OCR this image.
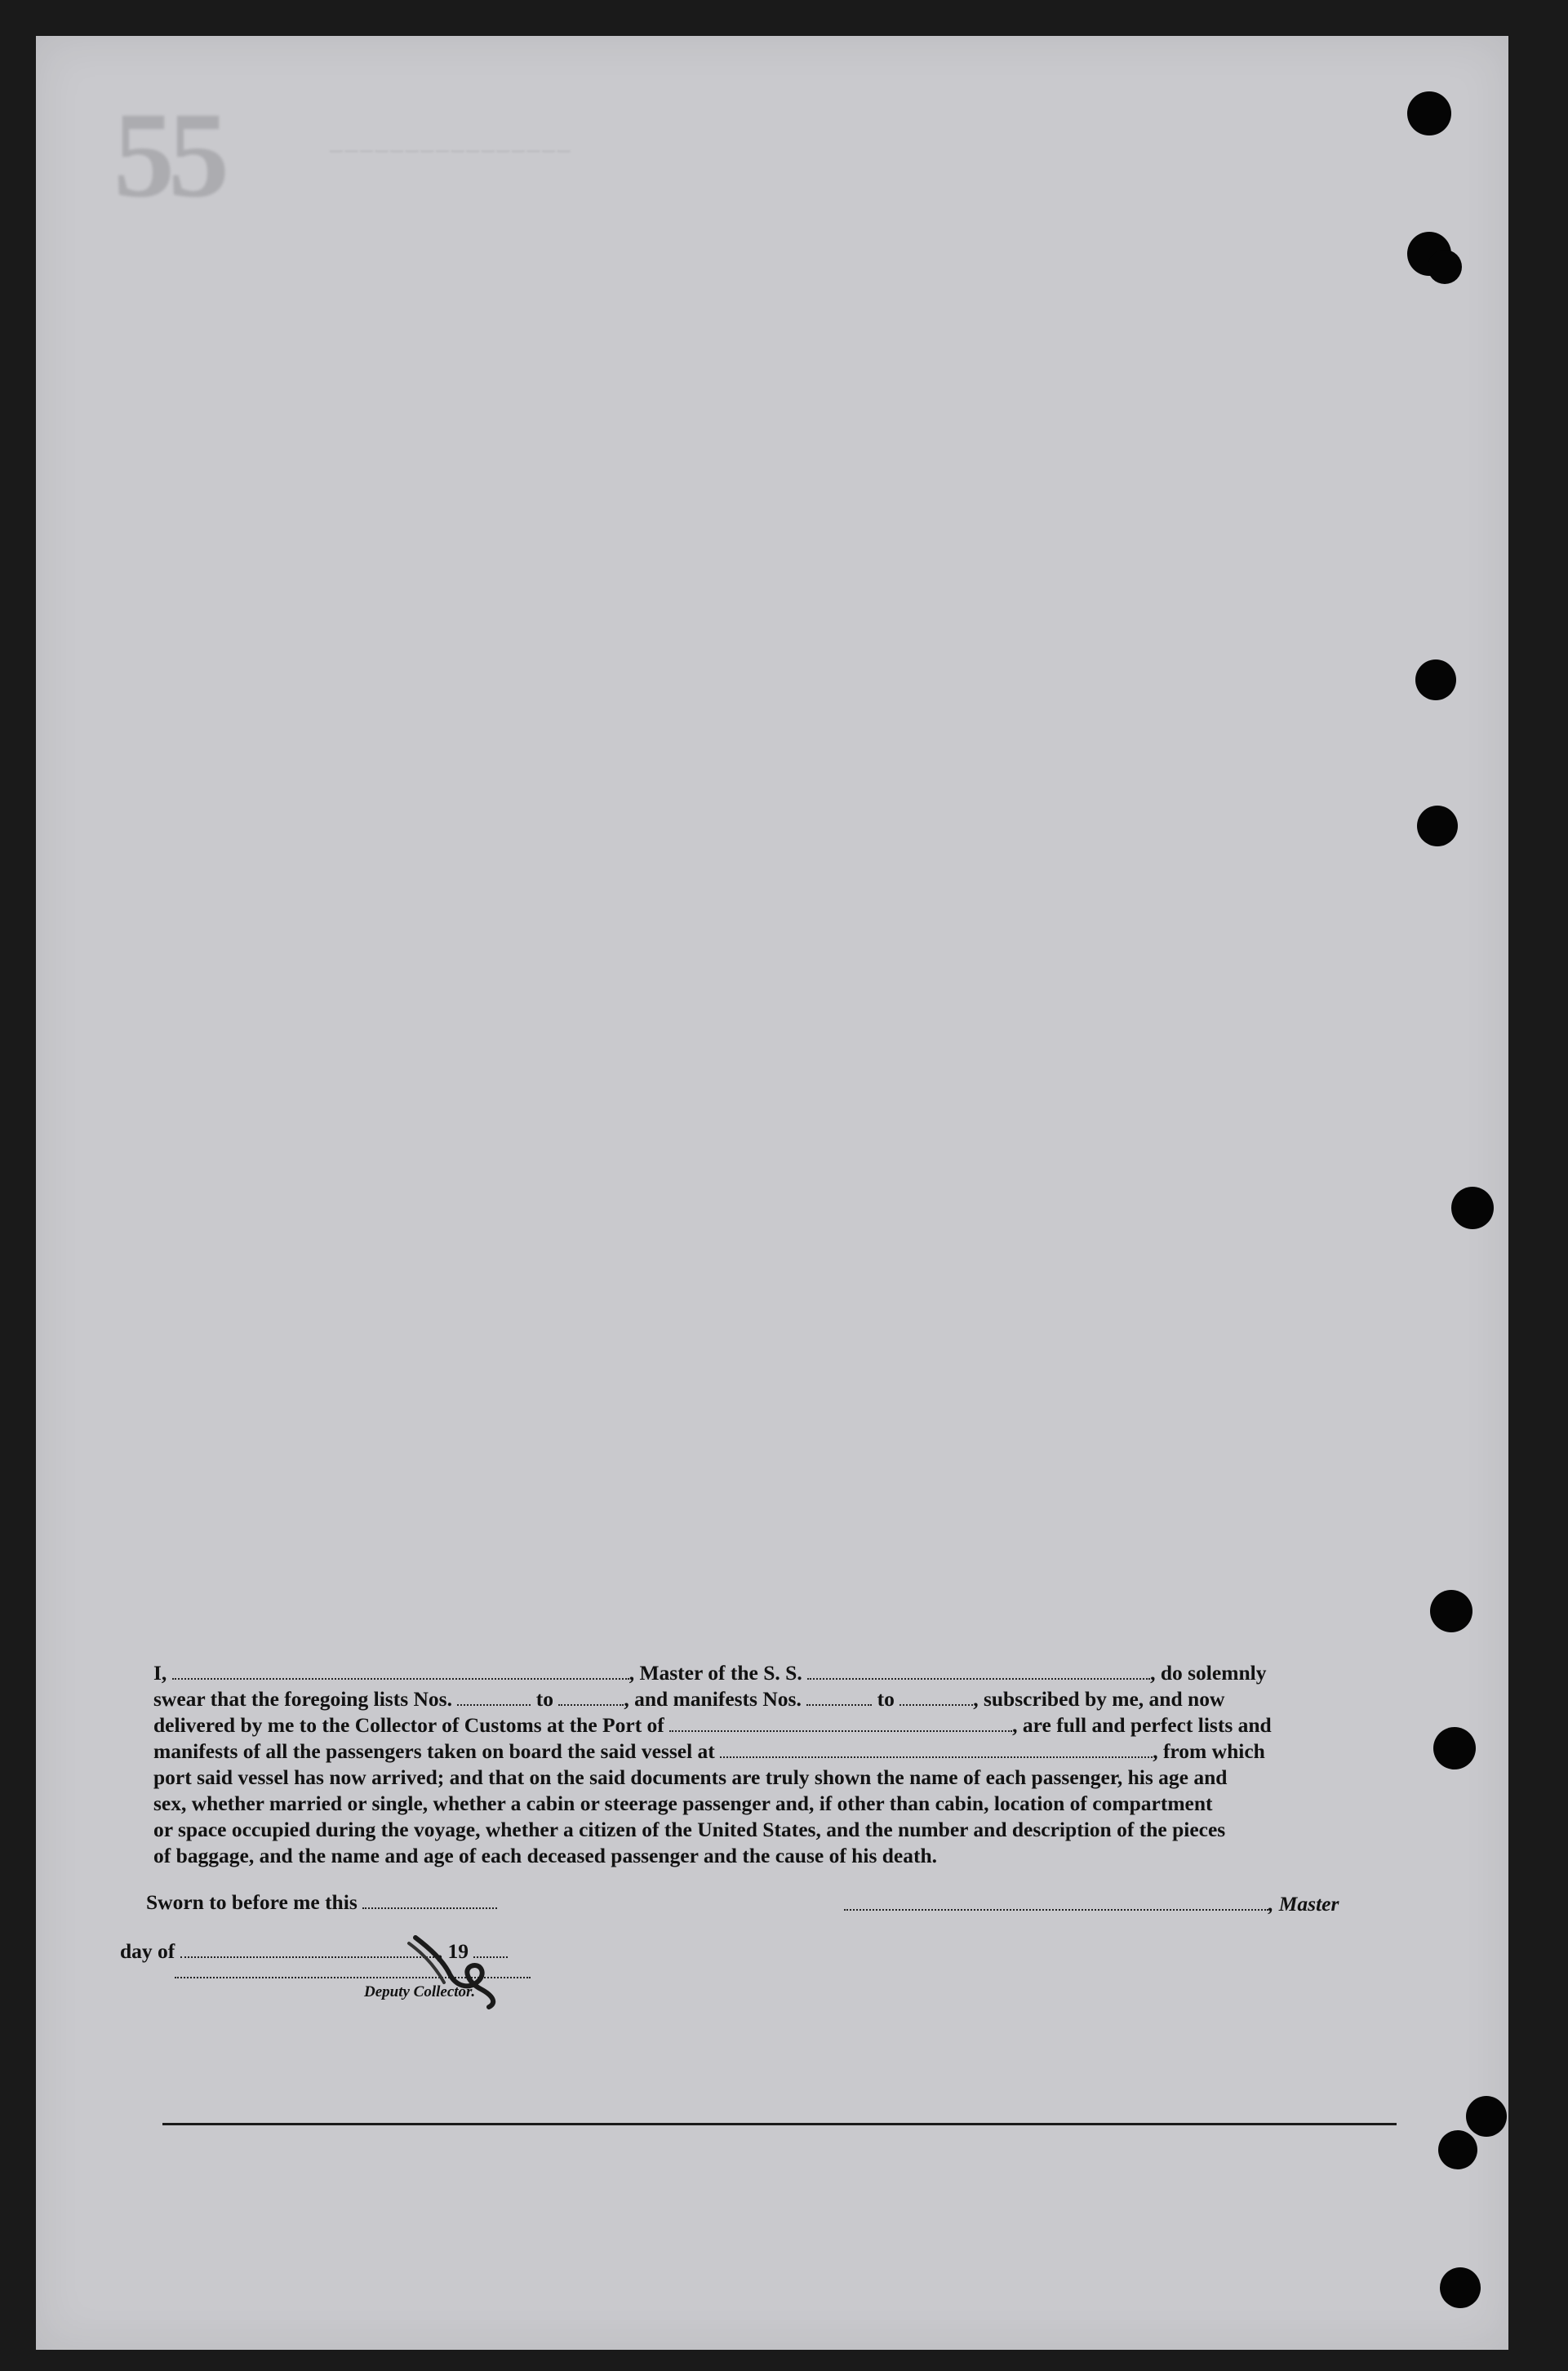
55	────────────────
I,	, Master of the S. S.	, do solemnly
swear that the foregoing lists Nos.	to	, and manifests Nos.	to	, subscribed by me, and now
delivered by me to the Collector of Customs at the Port of	, are full and perfect lists and
manifests of all the passengers taken on board the said vessel at	, from which
port said vessel has now arrived; and that on the said documents are truly shown the name of each passenger, his age and
sex, whether married or single, whether a cabin or steerage passenger and, if other than cabin, location of compartment
or space occupied during the voyage, whether a citizen of the United States, and the number and description of the pieces
of baggage, and the name and age of each deceased passenger and the cause of his death.
Sworn to before me this	, Master
day of	, 19
Deputy Collector.
